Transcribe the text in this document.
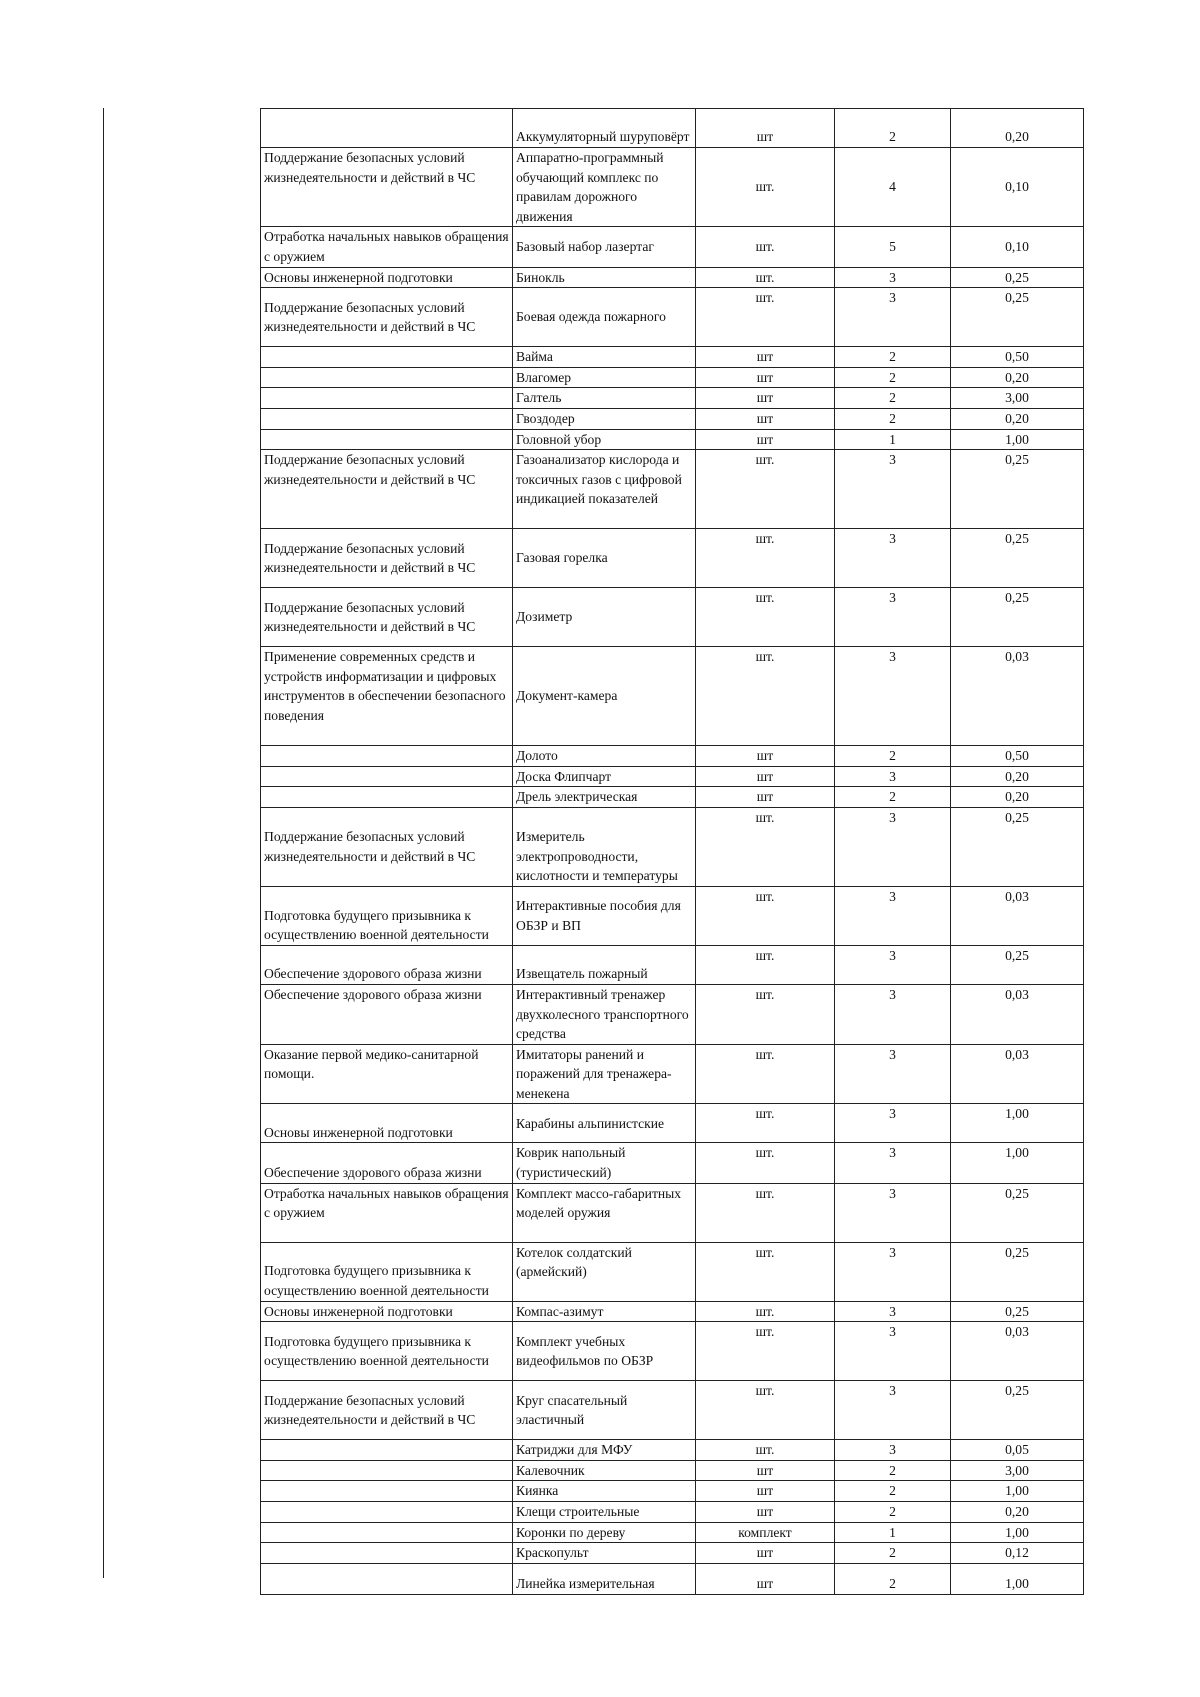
	Аккумуляторный шуруповёрт	шт	2	0,20
Поддержание безопасных условий жизнедеятельности и действий в ЧС	Аппаратно-программный обучающий комплекс по правилам дорожного движения	шт.	4	0,10
Отработка начальных навыков обращения с оружием	Базовый набор лазертаг	шт.	5	0,10
Основы инженерной подготовки	Бинокль	шт.	3	0,25
Поддержание безопасных условий жизнедеятельности и действий в ЧС	Боевая одежда пожарного	шт.	3	0,25
	Вайма	шт	2	0,50
	Влагомер	шт	2	0,20
	Галтель	шт	2	3,00
	Гвоздодер	шт	2	0,20
	Головной убор	шт	1	1,00
Поддержание безопасных условий жизнедеятельности и действий в ЧС	Газоанализатор кислорода и токсичных газов с цифровой индикацией показателей	шт.	3	0,25
Поддержание безопасных условий жизнедеятельности и действий в ЧС	Газовая горелка	шт.	3	0,25
Поддержание безопасных условий жизнедеятельности и действий в ЧС	Дозиметр	шт.	3	0,25
Применение современных средств и устройств информатизации и цифровых инструментов в обеспечении безопасного поведения	Документ-камера	шт.	3	0,03
	Долото	шт	2	0,50
	Доска Флипчарт	шт	3	0,20
	Дрель электрическая	шт	2	0,20
Поддержание безопасных условий жизнедеятельности и действий в ЧС	Измеритель электропроводности, кислотности и температуры	шт.	3	0,25
Подготовка будущего призывника к осуществлению военной деятельности	Интерактивные пособия для ОБЗР и ВП	шт.	3	0,03
Обеспечение здорового образа жизни	Извещатель пожарный	шт.	3	0,25
Обеспечение здорового образа жизни	Интерактивный тренажер двухколесного транспортного средства	шт.	3	0,03
Оказание первой медико-санитарной помощи.	Имитаторы ранений и поражений для тренажера-менекена	шт.	3	0,03
Основы инженерной подготовки	Карабины альпинистские	шт.	3	1,00
Обеспечение здорового образа жизни	Коврик напольный (туристический)	шт.	3	1,00
Отработка начальных навыков обращения с оружием	Комплект массо-габаритных моделей оружия	шт.	3	0,25
Подготовка будущего призывника к осуществлению военной деятельности	Котелок солдатский (армейский)	шт.	3	0,25
Основы инженерной подготовки	Компас-азимут	шт.	3	0,25
Подготовка будущего призывника к осуществлению военной деятельности	Комплект учебных видеофильмов по ОБЗР	шт.	3	0,03
Поддержание безопасных условий жизнедеятельности и действий в ЧС	Круг спасательный эластичный	шт.	3	0,25
	Катриджи для МФУ	шт.	3	0,05
	Калевочник	шт	2	3,00
	Киянка	шт	2	1,00
	Клещи строительные	шт	2	0,20
	Коронки по дереву	комплект	1	1,00
	Краскопульт	шт	2	0,12
	Линейка измерительная	шт	2	1,00
